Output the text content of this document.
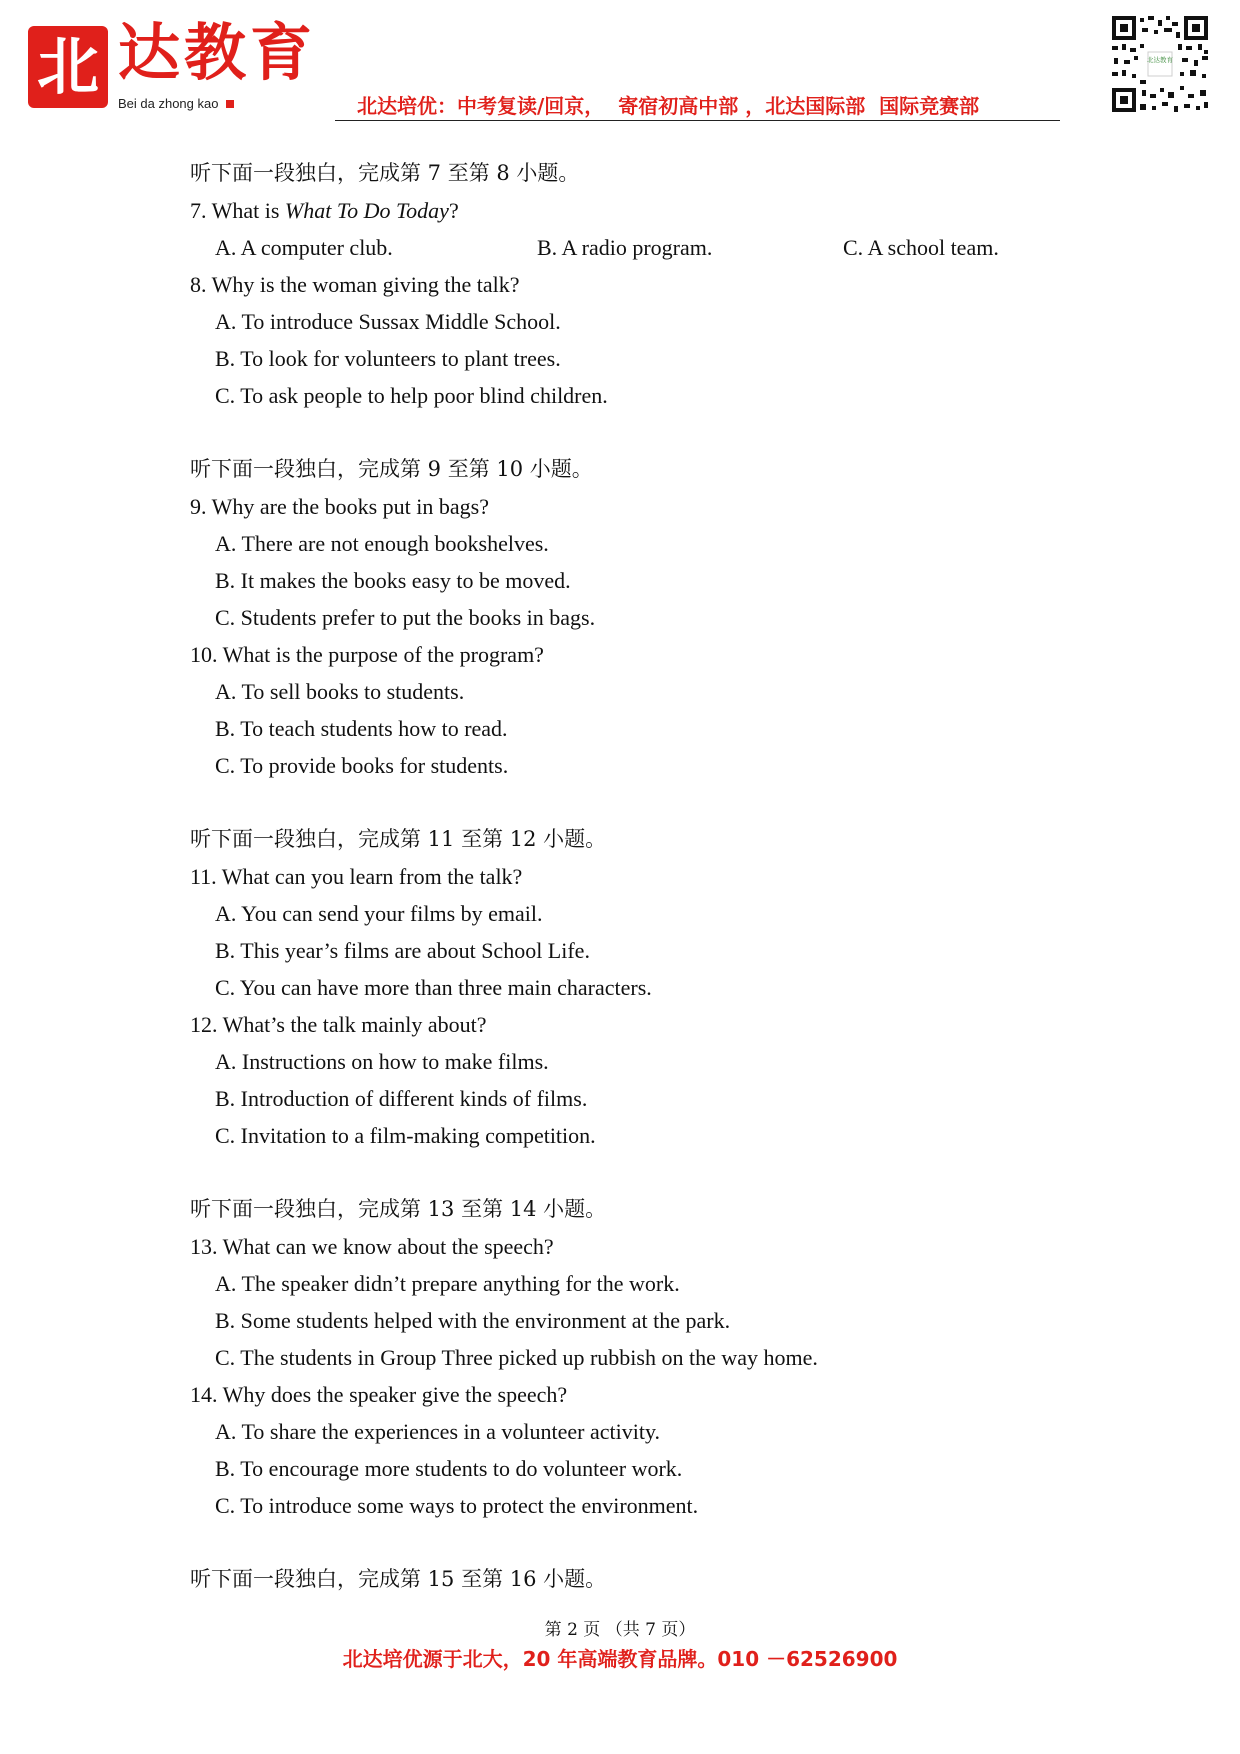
北 达教育
Bei da zhong kao	北达培优：中考复读/回京，  寄宿初高中部 ，北达国际部  国际竞赛部
北达教育
听下面一段独白，完成第 7 至第 8 小题。
7. What is What To Do Today?
A. A computer club.	B. A radio program.	C. A school team.
8. Why is the woman giving the talk?
A. To introduce Sussax Middle School.
B. To look for volunteers to plant trees.
C. To ask people to help poor blind children.
听下面一段独白，完成第 9 至第 10 小题。
9. Why are the books put in bags?
A. There are not enough bookshelves.
B. It makes the books easy to be moved.
C. Students prefer to put the books in bags.
10. What is the purpose of the program?
A. To sell books to students.
B. To teach students how to read.
C. To provide books for students.
听下面一段独白，完成第 11 至第 12 小题。
11. What can you learn from the talk?
A. You can send your films by email.
B. This year’s films are about School Life.
C. You can have more than three main characters.
12. What’s the talk mainly about?
A. Instructions on how to make films.
B. Introduction of different kinds of films.
C. Invitation to a film-making competition.
听下面一段独白，完成第 13 至第 14 小题。
13. What can we know about the speech?
A. The speaker didn’t prepare anything for the work.
B. Some students helped with the environment at the park.
C. The students in Group Three picked up rubbish on the way home.
14. Why does the speaker give the speech?
A. To share the experiences in a volunteer activity.
B. To encourage more students to do volunteer work.
C. To introduce some ways to protect the environment.
听下面一段独白，完成第 15 至第 16 小题。
第 2 页 （共 7 页）
北达培优源于北大，20 年高端教育品牌。010 －62526900
